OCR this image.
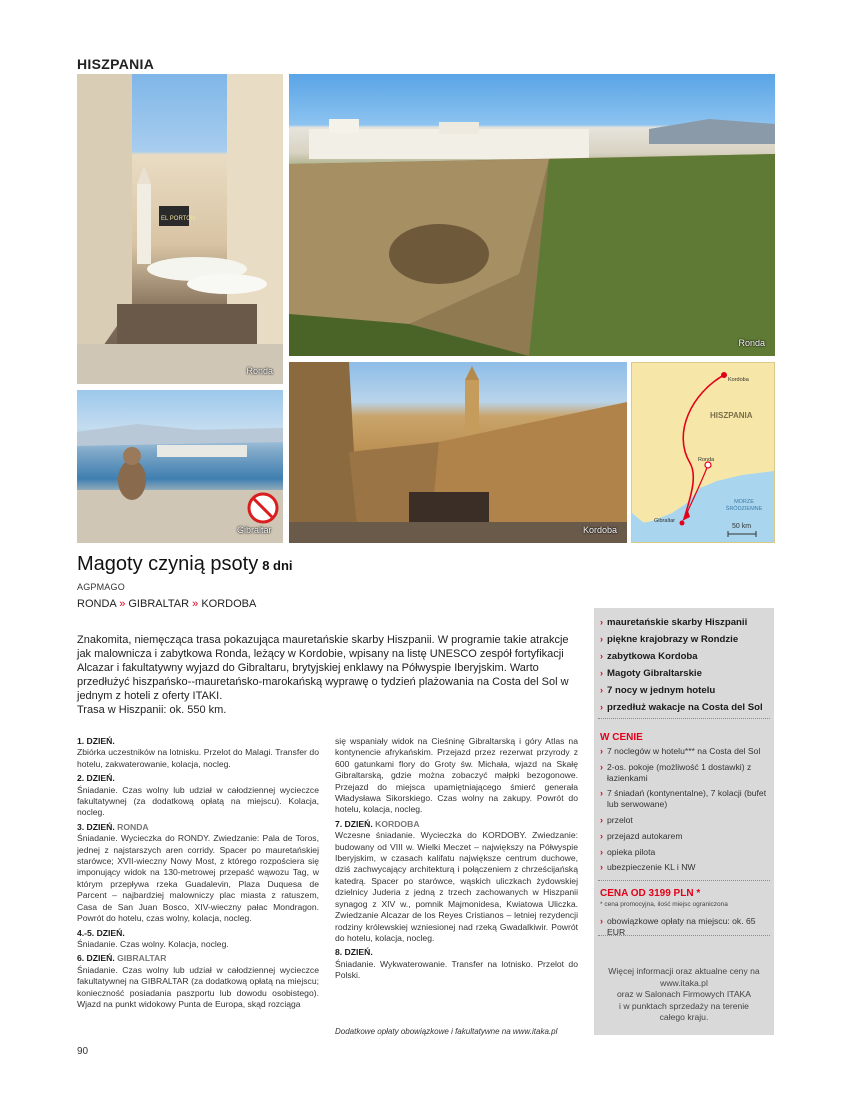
HISZPANIA
EL PORTON
Ronda
Ronda
Gibraltar	Kordoba
HISZPANIA
Kordoba
Ronda
Gibraltar
MORZE ŚRÓDZIEMNE
50 km
Magoty czynią psoty 8 dni
AGPMAGO
RONDA » GIBRALTAR » KORDOBA
Znakomita, niemęcząca trasa pokazująca mauretańskie skarby Hiszpanii. W programie takie atrakcje jak malownicza i zabytkowa Ronda, leżący w Kordobie, wpisany na listę UNESCO zespół fortyfikacji Alcazar i fakultatywny wyjazd do Gibraltaru, brytyjskiej enklawy na Półwyspie Iberyjskim. Warto przedłużyć hiszpańsko--mauretańsko-marokańską wyprawę o tydzień plażowania na Costa del Sol w jednym z hoteli z oferty ITAKI.
Trasa w Hiszpanii: ok. 550 km.
1. DZIEŃ.

Zbiórka uczestników na lotnisku. Przelot do Malagi. Transfer do hotelu, zakwaterowanie, kolacja, nocleg.

2. DZIEŃ.

Śniadanie. Czas wolny lub udział w całodziennej wycieczce fakultatywnej (za dodatkową opłatą na miejscu). Kolacja, nocleg.

3. DZIEŃ. RONDA

Śniadanie. Wycieczka do RONDY. Zwiedzanie: Pala de Toros, jednej z najstarszych aren corridy. Spacer po mauretańskiej starówce; XVII-wieczny Nowy Most, z którego rozpościera się imponujący widok na 130-metrowej przepaść wąwozu Tag, w którym przepływa rzeka Guadalevin, Plaza Duquesa de Parcent – najbardziej malowniczy plac miasta z ratuszem, Casa de San Juan Bosco, XIV-wieczny pałac Mondragon. Powrót do hotelu, czas wolny, kolacja, nocleg.

4.-5. DZIEŃ.

Śniadanie. Czas wolny. Kolacja, nocleg.

6. DZIEŃ. GIBRALTAR

Śniadanie. Czas wolny lub udział w całodziennej wycieczce fakultatywnej na GIBRALTAR (za dodatkową opłatą na miejscu; konieczność posiadania paszportu lub dowodu osobistego). Wjazd na punkt widokowy Punta de Europa, skąd rozciąga

się wspaniały widok na Cieśninę Gibraltarską i góry Atlas na kontynencie afrykańskim. Przejazd przez rezerwat przyrody z 600 gatunkami flory do Groty św. Michała, wjazd na Skałę Gibraltarską, gdzie można zobaczyć małpki bezogonowe. Przejazd do miejsca upamiętniającego śmierć generała Władysława Sikorskiego. Czas wolny na zakupy. Powrót do hotelu, kolacja, nocleg.

7. DZIEŃ. KORDOBA

Wczesne śniadanie. Wycieczka do KORDOBY. Zwiedzanie: budowany od VIII w. Wielki Meczet – największy na Półwyspie Iberyjskim, w czasach kalifatu największe centrum duchowe, dziś zachwycający architekturą i połączeniem z chrześcijańską katedrą. Spacer po starówce, wąskich uliczkach żydowskiej dzielnicy Juderia z jedną z trzech zachowanych w Hiszpanii synagog z XIV w., pomnik Majmonidesa, Kwiatowa Uliczka. Zwiedzanie Alcazar de los Reyes Cristianos – letniej rezydencji rodziny królewskiej wzniesionej nad rzeką Gwadalkiwir. Powrót do hotelu, kolacja, nocleg.

8. DZIEŃ.

Śniadanie. Wykwaterowanie. Transfer na lotnisko. Przelot do Polski.

Dodatkowe opłaty obowiązkowe i fakultatywne na www.itaka.pl
90
› mauretańskie skarby Hiszpanii
› piękne krajobrazy w Rondzie
› zabytkowa Kordoba
› Magoty Gibraltarskie
› 7 nocy w jednym hotelu
› przedłuż wakacje na Costa del Sol
W CENIE
› 7 noclegów w hotelu*** na Costa del Sol
› 2-os. pokoje (możliwość 1 dostawki) z łazienkami
› 7 śniadań (kontynentalne), 7 kolacji (bufet lub serwowane)
› przelot
› przejazd autokarem
› opieka pilota
› ubezpieczenie KL i NW
CENA OD 3199 PLN *
* cena promocyjna, ilość miejsc ograniczona
› obowiązkowe opłaty na miejscu: ok. 65 EUR
Więcej informacji oraz aktualne ceny na
www.itaka.pl
oraz w Salonach Firmowych ITAKA
i w punktach sprzedaży na terenie
całego kraju.
